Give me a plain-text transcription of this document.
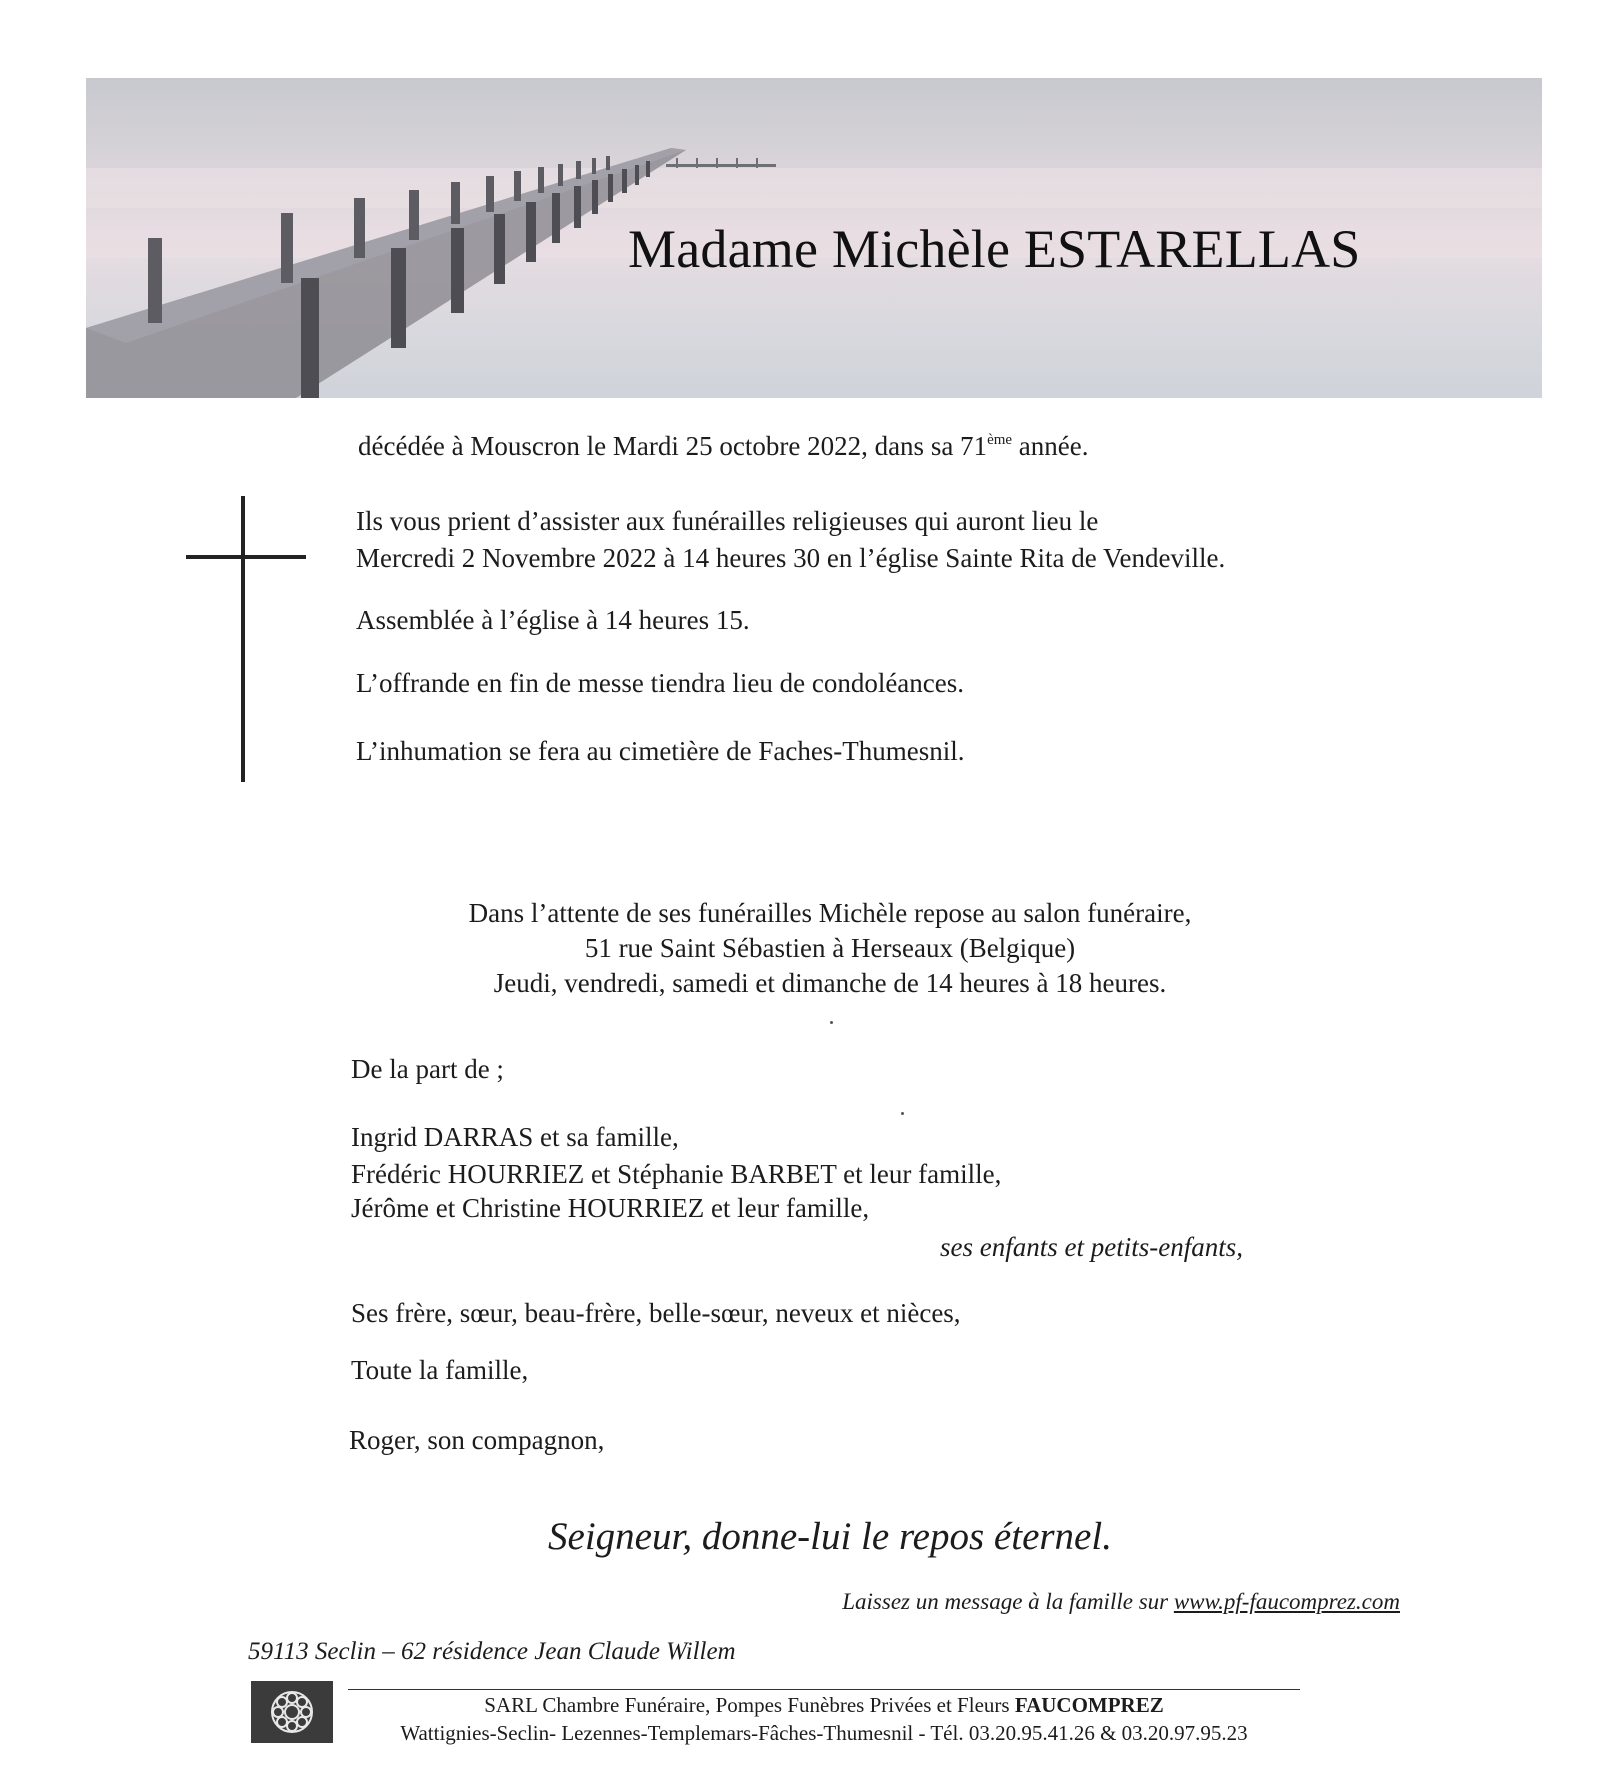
Madame Michèle ESTARELLAS
décédée à Mouscron le Mardi 25 octobre 2022, dans sa 71ème année.
Ils vous prient d’assister aux funérailles religieuses qui auront lieu le
Mercredi 2 Novembre 2022 à 14 heures 30 en l’église Sainte Rita de Vendeville.
Assemblée à l’église à 14 heures 15.
L’offrande en fin de messe tiendra lieu de condoléances.
L’inhumation se fera au cimetière de Faches-Thumesnil.
Dans l’attente de ses funérailles Michèle repose au salon funéraire,
51 rue Saint Sébastien à Herseaux (Belgique)
Jeudi, vendredi, samedi et dimanche de 14 heures à 18 heures.
De la part de ;
Ingrid DARRAS et sa famille,
Frédéric HOURRIEZ et Stéphanie BARBET et leur famille,
Jérôme et Christine HOURRIEZ et leur famille,
ses enfants et petits-enfants,
Ses frère, sœur, beau-frère, belle-sœur, neveux et nièces,
Toute la famille,
Roger, son compagnon,
Seigneur, donne-lui le repos éternel.
Laissez un message à la famille sur www.pf-faucomprez.com
59113 Seclin – 62 résidence Jean Claude Willem
SARL Chambre Funéraire, Pompes Funèbres Privées et Fleurs FAUCOMPREZ
Wattignies-Seclin- Lezennes-Templemars-Fâches-Thumesnil - Tél. 03.20.95.41.26 & 03.20.97.95.23
